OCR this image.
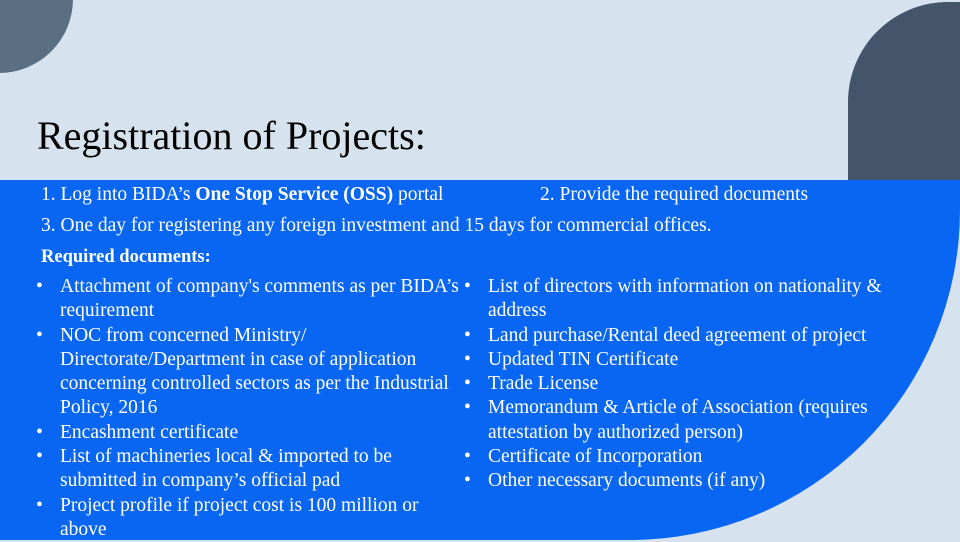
Registration of Projects:
1. Log into BIDA’s One Stop Service (OSS) portal	2. Provide the required documents
3. One day for registering any foreign investment and 15 days for commercial offices.
Required documents:
• Attachment of company's comments as per BIDA’s requirement
• NOC from concerned Ministry/ Directorate/Department in case of application concerning controlled sectors as per the Industrial Policy, 2016
• Encashment certificate
• List of machineries local & imported to be submitted in company’s official pad
• Project profile if project cost is 100 million or above
• List of directors with information on nationality & address
• Land purchase/Rental deed agreement of project
• Updated TIN Certificate
• Trade License
• Memorandum & Article of Association (requires attestation by authorized person)
• Certificate of Incorporation
• Other necessary documents (if any)
